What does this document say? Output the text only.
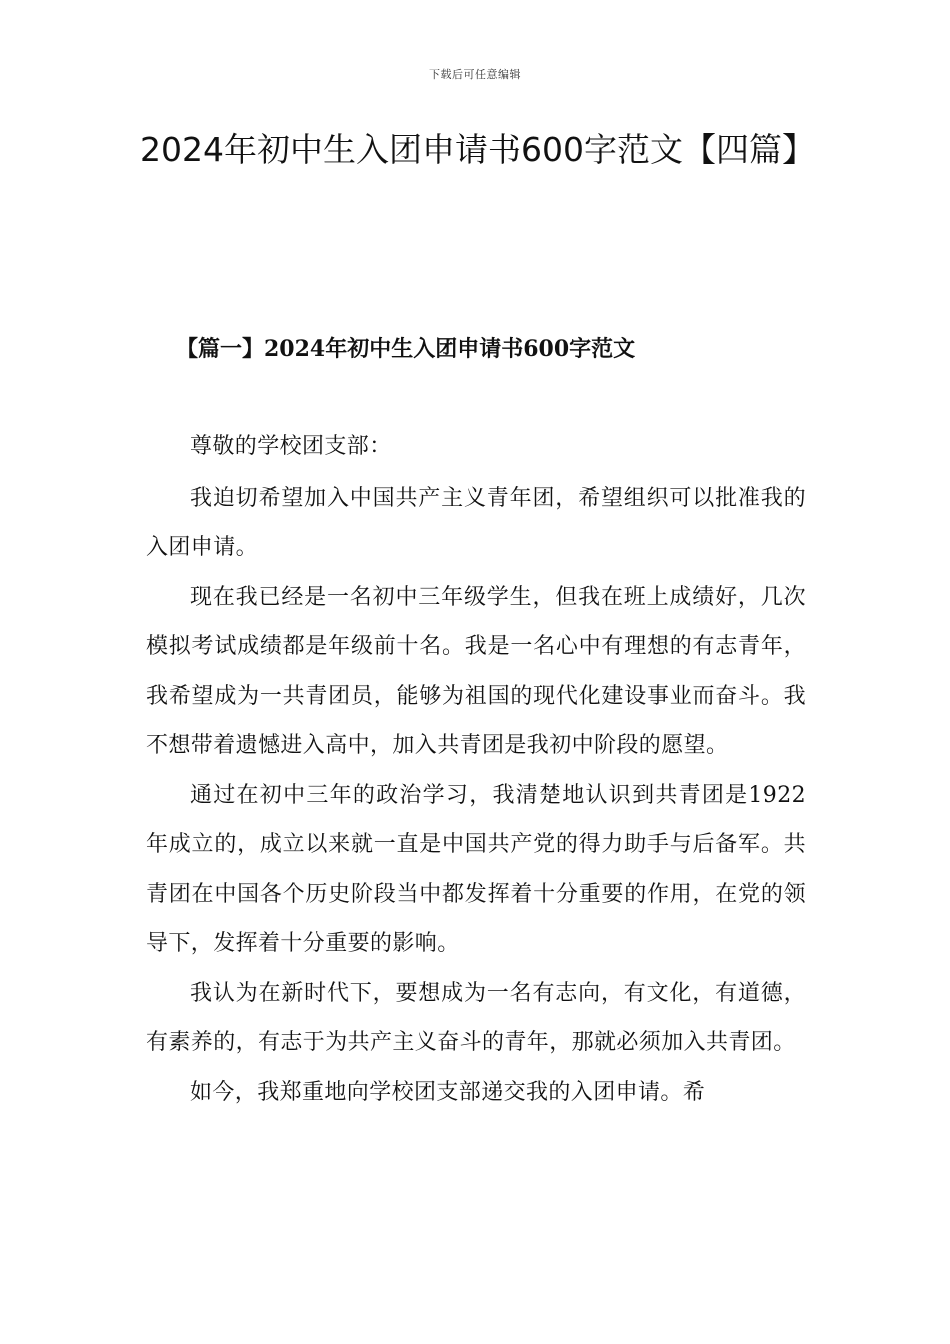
下载后可任意编辑
2024年初中生入团申请书600字范文【四篇】
【篇一】2024年初中生入团申请书600字范文

尊敬的学校团支部：

我迫切希望加入中国共产主义青年团，希望组织可以批准我的入团申请。

现在我已经是一名初中三年级学生，但我在班上成绩好，几次模拟考试成绩都是年级前十名。我是一名心中有理想的有志青年，我希望成为一共青团员，能够为祖国的现代化建设事业而奋斗。我不想带着遗憾进入高中，加入共青团是我初中阶段的愿望。

通过在初中三年的政治学习，我清楚地认识到共青团是1922年成立的，成立以来就一直是中国共产党的得力助手与后备军。共青团在中国各个历史阶段当中都发挥着十分重要的作用，在党的领导下，发挥着十分重要的影响。

我认为在新时代下，要想成为一名有志向，有文化，有道德，有素养的，有志于为共产主义奋斗的青年，那就必须加入共青团。

如今，我郑重地向学校团支部递交我的入团申请。希
